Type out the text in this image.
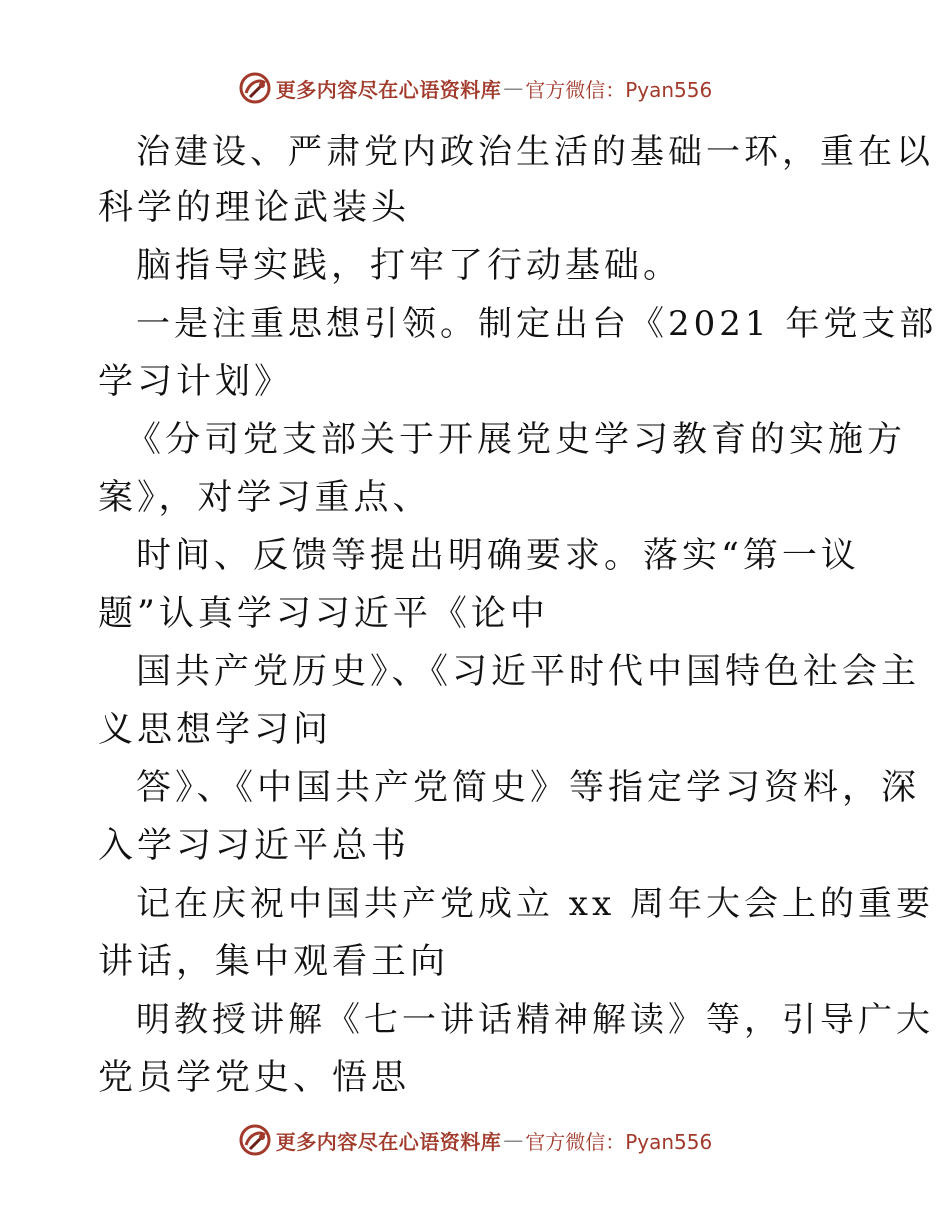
更多内容尽在心语资料库 — 官方微信：Pyan556
治建设、严肃党内政治生活的基础一环，重在以
科学的理论武装头
脑指导实践，打牢了行动基础。
一是注重思想引领。制定出台《2021 年党支部
学习计划》
《分司党支部关于开展党史学习教育的实施方
案》，对学习重点、
时间、反馈等提出明确要求。落实“第一议
题”认真学习习近平《论中
国共产党历史》、《习近平时代中国特色社会主
义思想学习问
答》、《中国共产党简史》等指定学习资料，深
入学习习近平总书
记在庆祝中国共产党成立 xx 周年大会上的重要
讲话，集中观看王向
明教授讲解《七一讲话精神解读》等，引导广大
党员学党史、悟思
更多内容尽在心语资料库 — 官方微信：Pyan556
